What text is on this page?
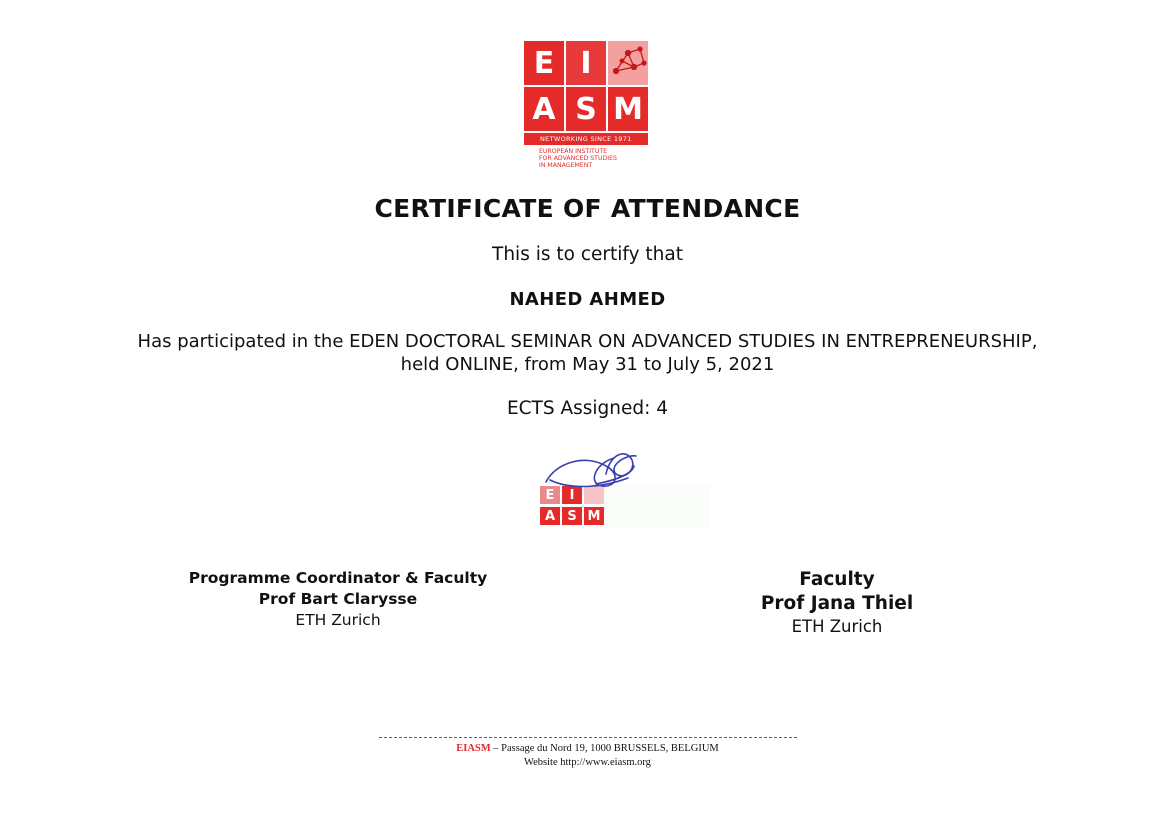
E I
A S M
NETWORKING SINCE 1971
EUROPEAN INSTITUTE
FOR ADVANCED STUDIES
IN MANAGEMENT
CERTIFICATE OF ATTENDANCE
This is to certify that
NAHED AHMED
Has participated in the EDEN DOCTORAL SEMINAR ON ADVANCED STUDIES IN ENTREPRENEURSHIP,
held ONLINE, from May 31 to July 5, 2021
ECTS Assigned: 4
E	I
A S M
Programme Coordinator & Faculty
Prof Bart Clarysse
ETH Zurich
Faculty
Prof Jana Thiel
ETH Zurich
EIASM – Passage du Nord 19, 1000 BRUSSELS, BELGIUM
Website http://www.eiasm.org
